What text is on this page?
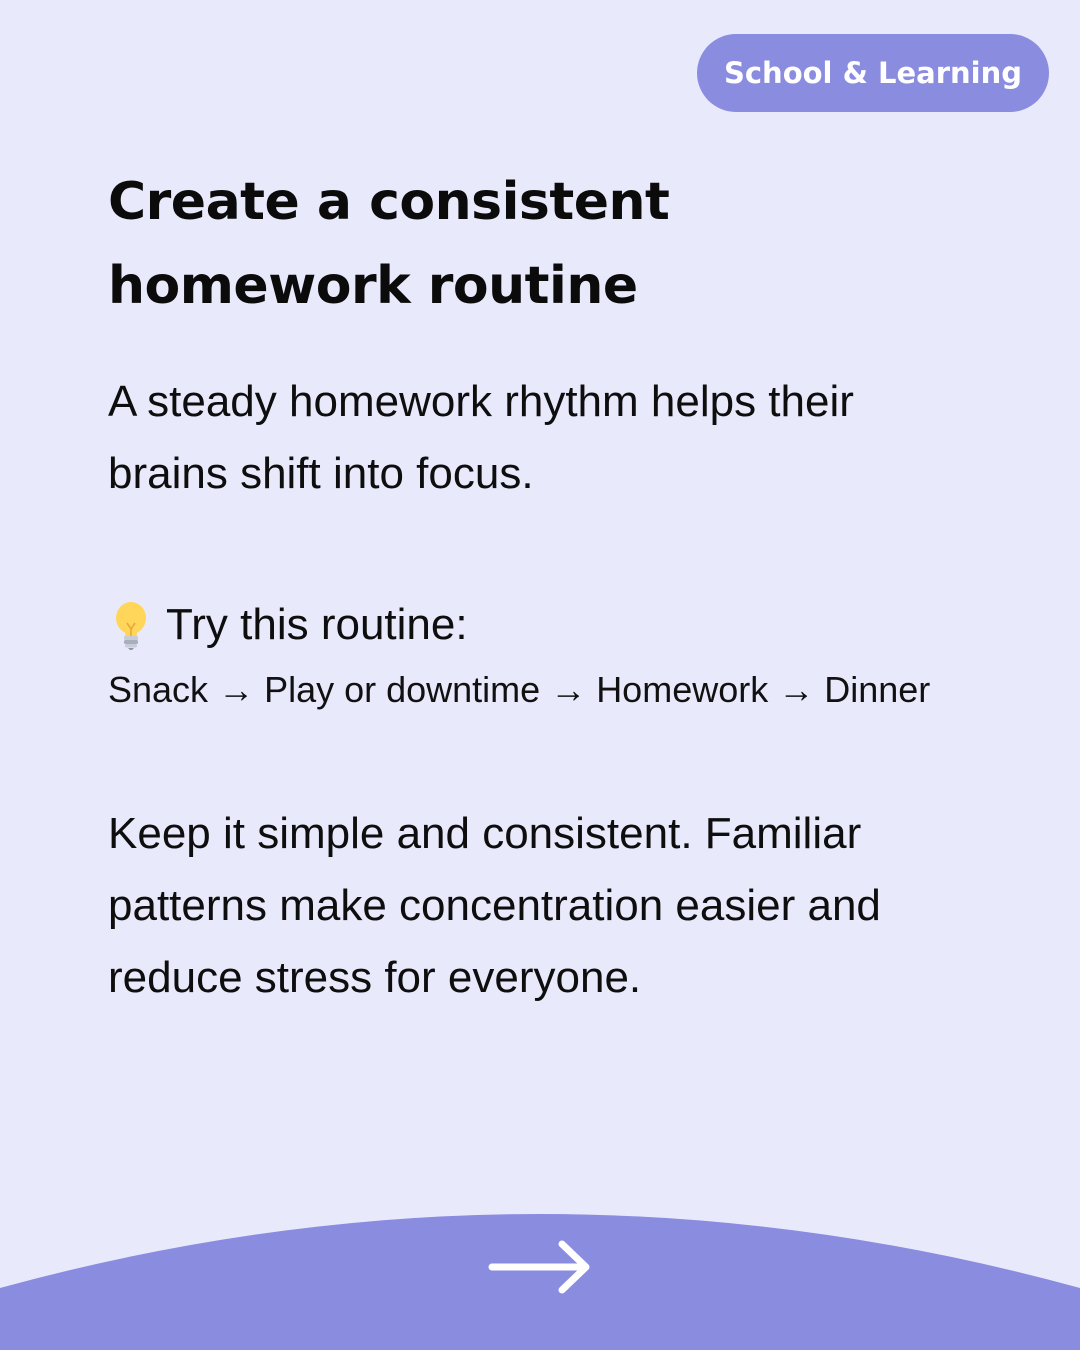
School & Learning
Create a consistent homework routine

A steady homework rhythm helps their brains shift into focus.

Try this routine:
Snack → Play or downtime → Homework → Dinner

Keep it simple and consistent. Familiar patterns make concentration easier and reduce stress for everyone.
